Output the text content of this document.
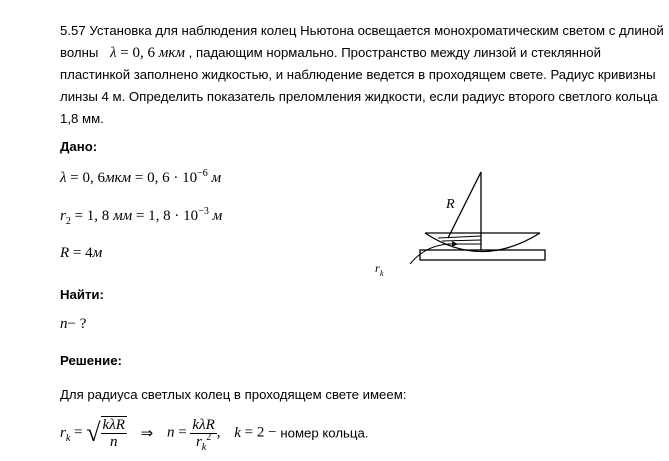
5.57 Установка для наблюдения колец Ньютона освещается монохроматическим светом с длиной
волны λ = 0, 6 мкм , падающим нормально. Пространство между линзой и стеклянной
пластинкой заполнено жидкостью, и наблюдение ведется в проходящем свете. Радиус кривизны
линзы 4 м. Определить показатель преломления жидкости, если радиус второго светлого кольца
1,8 мм.
Дано:
λ = 0, 6мкм = 0, $6 \cdot 10^{-6}$ м
$r_2 = 1$, 8 мм = 1, $8 \cdot 10^{-3}$ м
R = 4м
R
r k
Найти:
n− ?
Решение:
Для радиуса светлых колец в проходящем свете имеем:
$r_k$ = √ $\frac{\text{kλR}}{n}$ ⇒ $n = \frac{\text{kλR}}{r_k^2}$ , k = 2 − номер кольца.
